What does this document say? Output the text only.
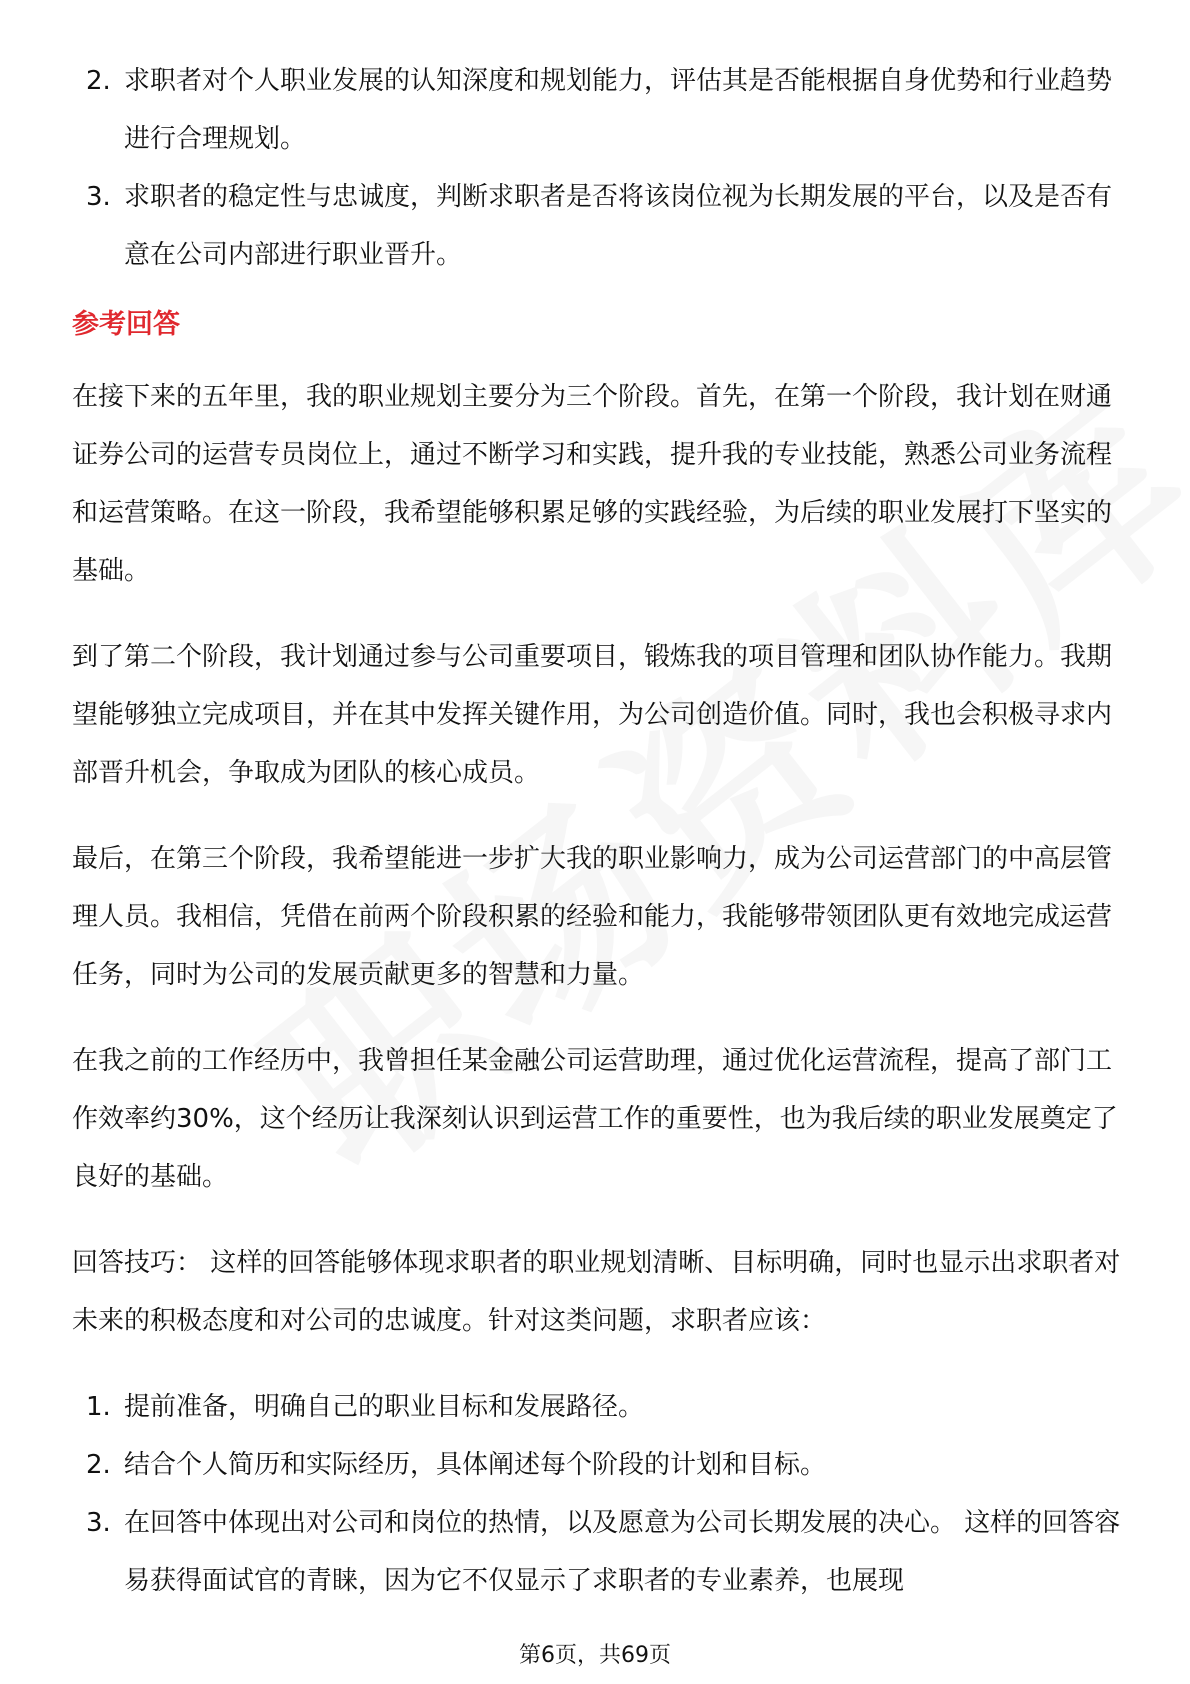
2. 求职者对个人职业发展的认知深度和规划能力，评估其是否能根据自身优势和行业趋势进行合理规划。
3. 求职者的稳定性与忠诚度，判断求职者是否将该岗位视为长期发展的平台，以及是否有意在公司内部进行职业晋升。
参考回答

在接下来的五年里，我的职业规划主要分为三个阶段。首先，在第一个阶段，我计划在财通证券公司的运营专员岗位上，通过不断学习和实践，提升我的专业技能，熟悉公司业务流程和运营策略。在这一阶段，我希望能够积累足够的实践经验，为后续的职业发展打下坚实的基础。

到了第二个阶段，我计划通过参与公司重要项目，锻炼我的项目管理和团队协作能力。我期望能够独立完成项目，并在其中发挥关键作用，为公司创造价值。同时，我也会积极寻求内部晋升机会，争取成为团队的核心成员。

最后，在第三个阶段，我希望能进一步扩大我的职业影响力，成为公司运营部门的中高层管理人员。我相信，凭借在前两个阶段积累的经验和能力，我能够带领团队更有效地完成运营任务，同时为公司的发展贡献更多的智慧和力量。

在我之前的工作经历中，我曾担任某金融公司运营助理，通过优化运营流程，提高了部门工作效率约30%，这个经历让我深刻认识到运营工作的重要性，也为我后续的职业发展奠定了良好的基础。

回答技巧： 这样的回答能够体现求职者的职业规划清晰、目标明确，同时也显示出求职者对未来的积极态度和对公司的忠诚度。针对这类问题，求职者应该：

1. 提前准备，明确自己的职业目标和发展路径。
2. 结合个人简历和实际经历，具体阐述每个阶段的计划和目标。
3. 在回答中体现出对公司和岗位的热情，以及愿意为公司长期发展的决心。 这样的回答容易获得面试官的青睐，因为它不仅显示了求职者的专业素养，也展现
第6页，共69页
